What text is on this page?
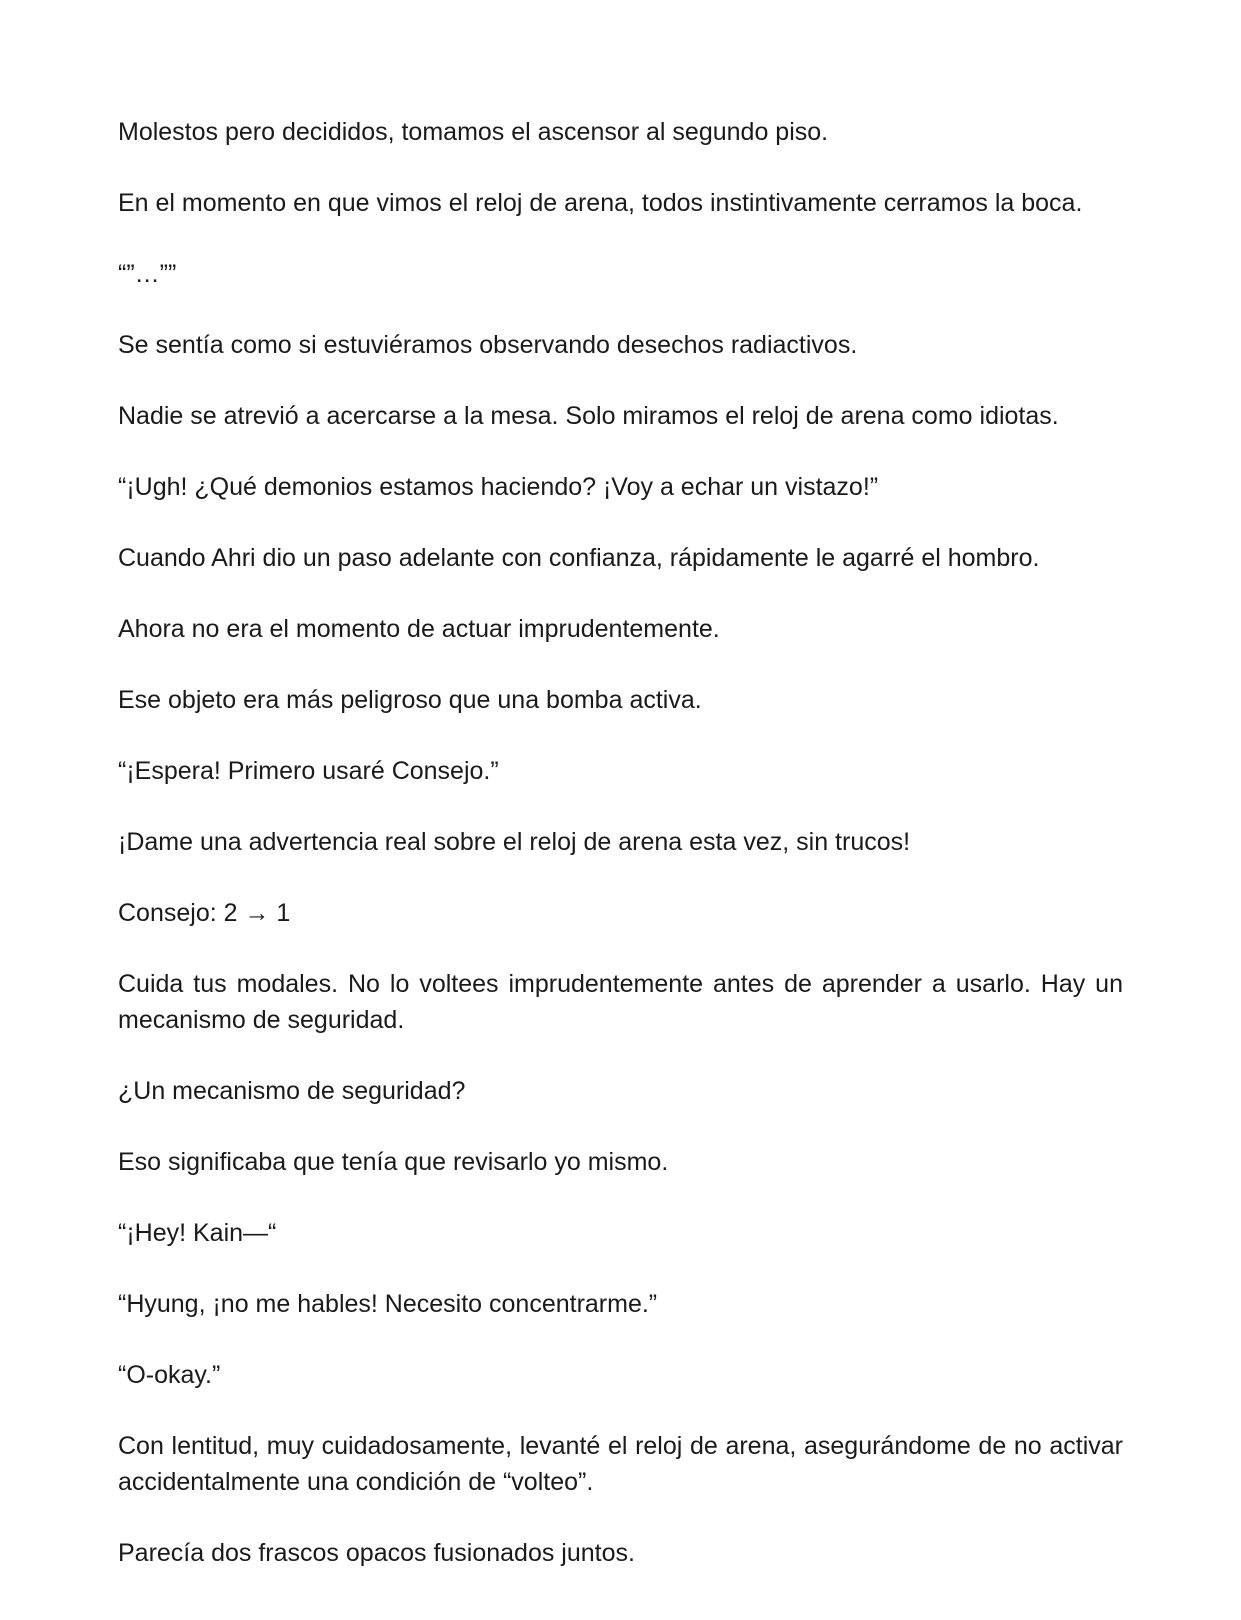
Molestos pero decididos, tomamos el ascensor al segundo piso.

En el momento en que vimos el reloj de arena, todos instintivamente cerramos la boca.

“”…””

Se sentía como si estuviéramos observando desechos radiactivos.

Nadie se atrevió a acercarse a la mesa. Solo miramos el reloj de arena como idiotas.

“¡Ugh! ¿Qué demonios estamos haciendo? ¡Voy a echar un vistazo!”

Cuando Ahri dio un paso adelante con confianza, rápidamente le agarré el hombro.

Ahora no era el momento de actuar imprudentemente.

Ese objeto era más peligroso que una bomba activa.

“¡Espera! Primero usaré Consejo.”

¡Dame una advertencia real sobre el reloj de arena esta vez, sin trucos!

Consejo: 2 → 1

Cuida tus modales. No lo voltees imprudentemente antes de aprender a usarlo. Hay un mecanismo de seguridad.

¿Un mecanismo de seguridad?

Eso significaba que tenía que revisarlo yo mismo.

“¡Hey! Kain—“

“Hyung, ¡no me hables! Necesito concentrarme.”

“O-okay.”

Con lentitud, muy cuidadosamente, levanté el reloj de arena, asegurándome de no activar accidentalmente una condición de “volteo”.

Parecía dos frascos opacos fusionados juntos.
